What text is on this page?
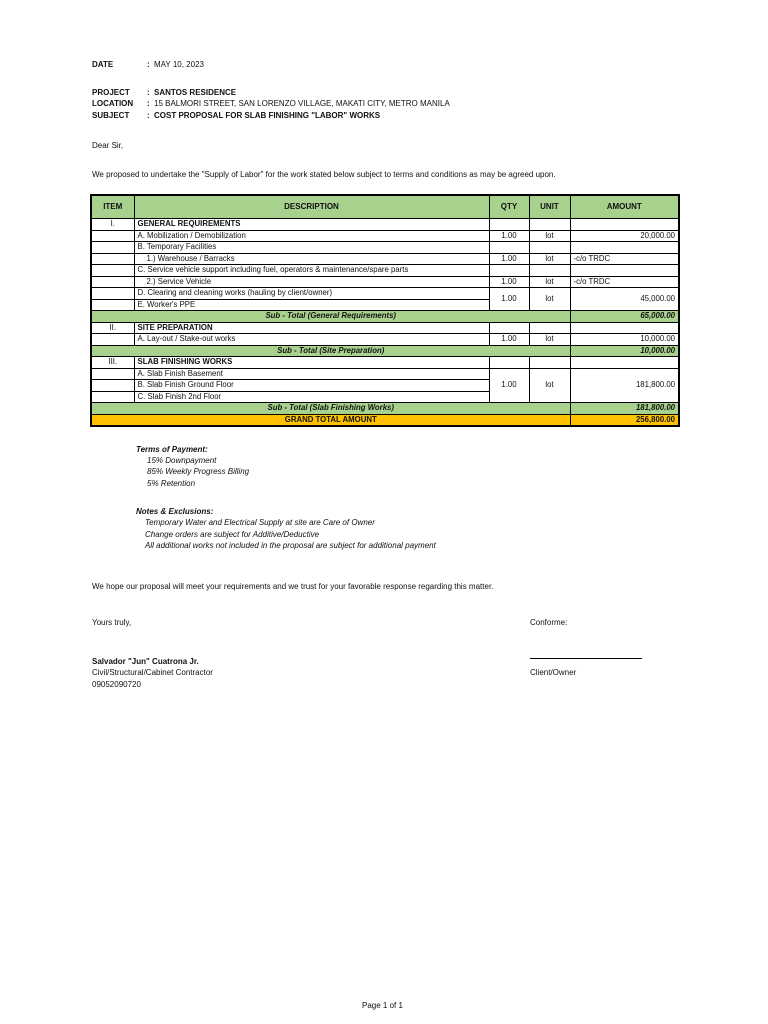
DATE	: MAY 10, 2023
PROJECT : SANTOS RESIDENCE
LOCATION : 15 BALMORI STREET, SAN LORENZO VILLAGE, MAKATI CITY, METRO MANILA
SUBJECT : COST PROPOSAL FOR SLAB FINISHING "LABOR" WORKS
Dear Sir,
We proposed to undertake the "Supply of Labor" for the work stated below subject to terms and conditions as may be agreed upon.
ITEM	DESCRIPTION	QTY	UNIT	AMOUNT
I.	GENERAL REQUIREMENTS			
	A. Mobilization / Demobilization	1.00	lot	20,000.00
	B. Temporary Facilities			
	1.) Warehouse / Barracks	1.00	lot	-c/o TRDC
	C. Service vehicle support including fuel, operators & maintenance/spare parts			
	2.) Service Vehicle	1.00	lot	-c/o TRDC
	D. Clearing and cleaning works (hauling by client/owner)	1.00	lot	45,000.00
	E. Worker's PPE			
Sub - Total (General Requirements)				65,000.00
II.	SITE PREPARATION			
	A. Lay-out / Stake-out works	1.00	lot	10,000.00
Sub - Total (Site Preparation)				10,000.00
III.	SLAB FINISHING WORKS			
	A. Slab Finish Basement	1.00	lot	181,800.00
	B. Slab Finish Ground Floor			
	C. Slab Finish 2nd Floor			
Sub - Total (Slab Finishing Works)				181,800.00
GRAND TOTAL AMOUNT				256,800.00
Terms of Payment:
15% Downpayment
85% Weekly Progress Billing
5% Retention
Notes & Exclusions:
Temporary Water and Electrical Supply at site are Care of Owner
Change orders are subject for Additive/Deductive
All additional works not included in the proposal are subject for additional payment
We hope our proposal will meet your requirements and we trust for your favorable response regarding this matter.
Yours truly,	Conforme:
Salvador "Jun" Cuatrona Jr.
Civil/Structural/Cabinet Contractor
09052090720
Client/Owner
Page 1 of 1
